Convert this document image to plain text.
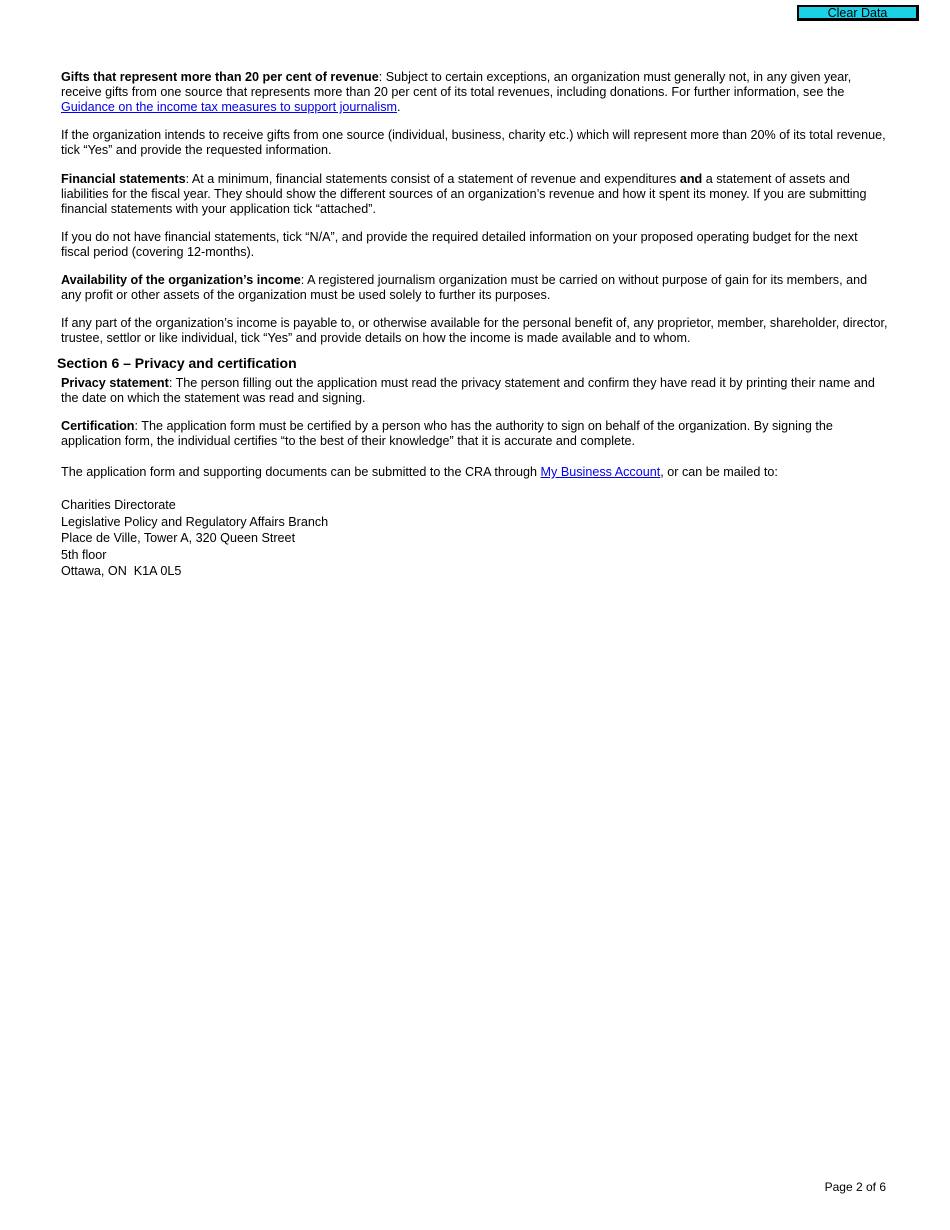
Clear Data

Gifts that represent more than 20 per cent of revenue: Subject to certain exceptions, an organization must generally not, in any given year, receive gifts from one source that represents more than 20 per cent of its total revenues, including donations. For further information, see the Guidance on the income tax measures to support journalism.

If the organization intends to receive gifts from one source (individual, business, charity etc.) which will represent more than 20% of its total revenue, tick “Yes” and provide the requested information.

Financial statements: At a minimum, financial statements consist of a statement of revenue and expenditures and a statement of assets and liabilities for the fiscal year. They should show the different sources of an organization’s revenue and how it spent its money. If you are submitting financial statements with your application tick “attached”.

If you do not have financial statements, tick “N/A”, and provide the required detailed information on your proposed operating budget for the next fiscal period (covering 12-months).

Availability of the organization’s income: A registered journalism organization must be carried on without purpose of gain for its members, and any profit or other assets of the organization must be used solely to further its purposes.

If any part of the organization’s income is payable to, or otherwise available for the personal benefit of, any proprietor, member, shareholder, director, trustee, settlor or like individual, tick “Yes” and provide details on how the income is made available and to whom.

Section 6 – Privacy and certification

Privacy statement: The person filling out the application must read the privacy statement and confirm they have read it by printing their name and the date on which the statement was read and signing.

Certification: The application form must be certified by a person who has the authority to sign on behalf of the organization. By signing the application form, the individual certifies “to the best of their knowledge” that it is accurate and complete.

The application form and supporting documents can be submitted to the CRA through My Business Account, or can be mailed to:

Charities Directorate
Legislative Policy and Regulatory Affairs Branch
Place de Ville, Tower A, 320 Queen Street
5th floor
Ottawa, ON  K1A 0L5
Page 2 of 6
